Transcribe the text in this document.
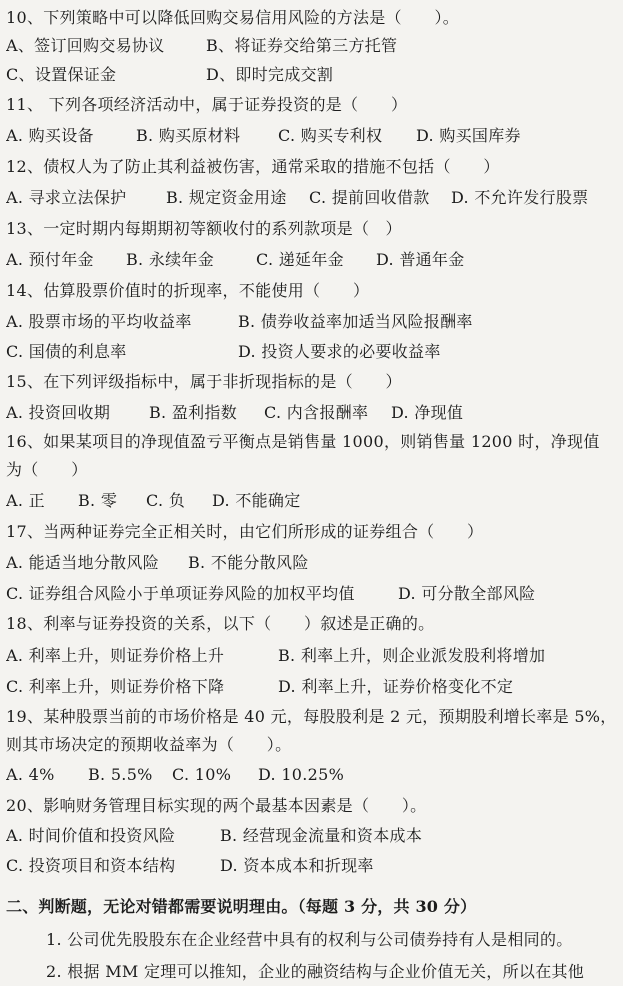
10、下列策略中可以降低回购交易信用风险的方法是（　　）。
A、签订回购交易协议	B、将证券交给第三方托管
C、设置保证金	D、即时完成交割
11、 下列各项经济活动中，属于证券投资的是（　　）
A. 购买设备	B. 购买原材料 C. 购买专利权 D. 购买国库券
12、债权人为了防止其利益被伤害，通常采取的措施不包括（　　）
A. 寻求立法保护 B. 规定资金用途 C. 提前回收借款 D. 不允许发行股票
13、一定时期内每期期初等额收付的系列款项是（　）
A. 预付年金 B. 永续年金	C. 递延年金 D. 普通年金
14、估算股票价值时的折现率，不能使用（　　）
A. 股票市场的平均收益率	B. 债券收益率加适当风险报酬率
C. 国债的利息率	D. 投资人要求的必要收益率
15、在下列评级指标中，属于非折现指标的是（　　）
A. 投资回收期 B. 盈利指数 C. 内含报酬率 D. 净现值
16、如果某项目的净现值盈亏平衡点是销售量 1000，则销售量 1200 时，净现值
为（　　）
A. 正 B. 零 C. 负 D. 不能确定
17、当两种证券完全正相关时，由它们所形成的证券组合（　　）
A. 能适当地分散风险 B. 不能分散风险
C. 证券组合风险小于单项证券风险的加权平均值	D. 可分散全部风险
18、利率与证券投资的关系，以下（　　）叙述是正确的。
A. 利率上升，则证券价格上升	B. 利率上升，则企业派发股利将增加
C. 利率上升，则证券价格下降	D. 利率上升，证券价格变化不定
19、某种股票当前的市场价格是 40 元，每股股利是 2 元，预期股利增长率是 5%，
则其市场决定的预期收益率为（　　）。
A. 4% B. 5.5% C. 10% D. 10.25%
20、影响财务管理目标实现的两个最基本因素是（　　）。
A. 时间价值和投资风险	B. 经营现金流量和资本成本
C. 投资项目和资本结构	D. 资本成本和折现率
二、判断题，无论对错都需要说明理由。（每题 3 分，共 30 分）
1. 公司优先股股东在企业经营中具有的权利与公司债券持有人是相同的。
2. 根据 MM 定理可以推知，企业的融资结构与企业价值无关，所以在其他
